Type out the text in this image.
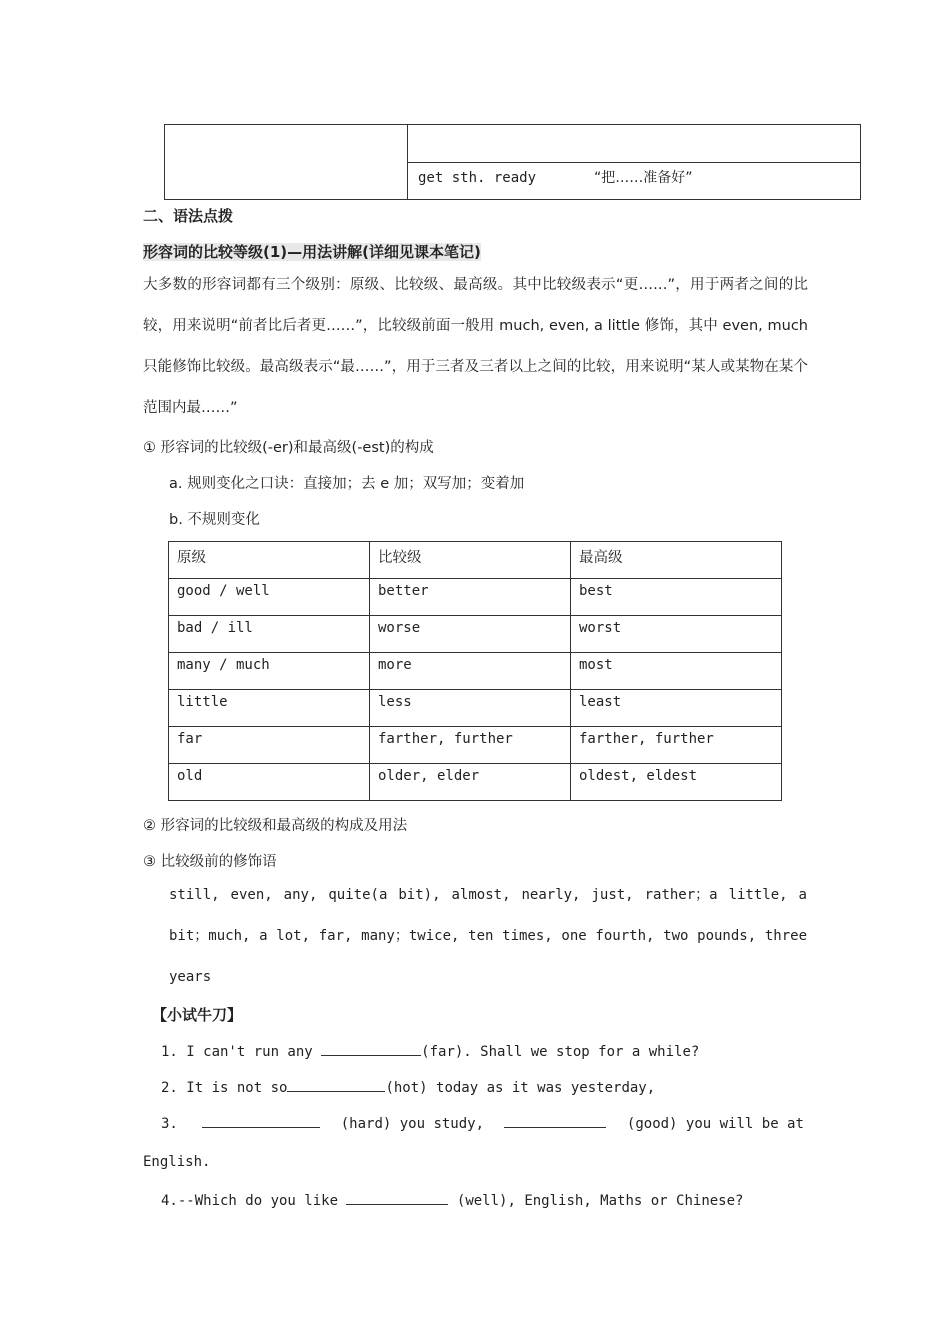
get sth. ready	“把……准备好”
二、语法点拨
形容词的比较等级(1)—用法讲解(详细见课本笔记)
大多数的形容词都有三个级别：原级、比较级、最高级。其中比较级表示“更……”，用于两者之间的比较，用来说明“前者比后者更……”，比较级前面一般用 much, even, a little 修饰，其中 even, much 只能修饰比较级。最高级表示“最……”，用于三者及三者以上之间的比较，用来说明“某人或某物在某个范围内最……”
① 形容词的比较级(-er)和最高级(-est)的构成
a. 规则变化之口诀：直接加；去 e 加；双写加；变着加
b. 不规则变化
原级	比较级	最高级
good / well	better	best
bad / ill	worse	worst
many / much	more	most
little	less	least
far	farther, further	farther, further
old	older, elder	oldest, eldest
② 形容词的比较级和最高级的构成及用法
③ 比较级前的修饰语
still, even, any, quite(a bit), almost, nearly, just, rather；a little, a bit；much, a lot, far, many；twice, ten times, one fourth, two pounds, three years
【小试牛刀】
1. I can't run any	(far). Shall we stop for a while?
2. It is not so	(hot) today as it was yesterday,
3.	(hard) you study,	(good) you will be at
English.
4.--Which do you like	(well), English, Maths or Chinese?
